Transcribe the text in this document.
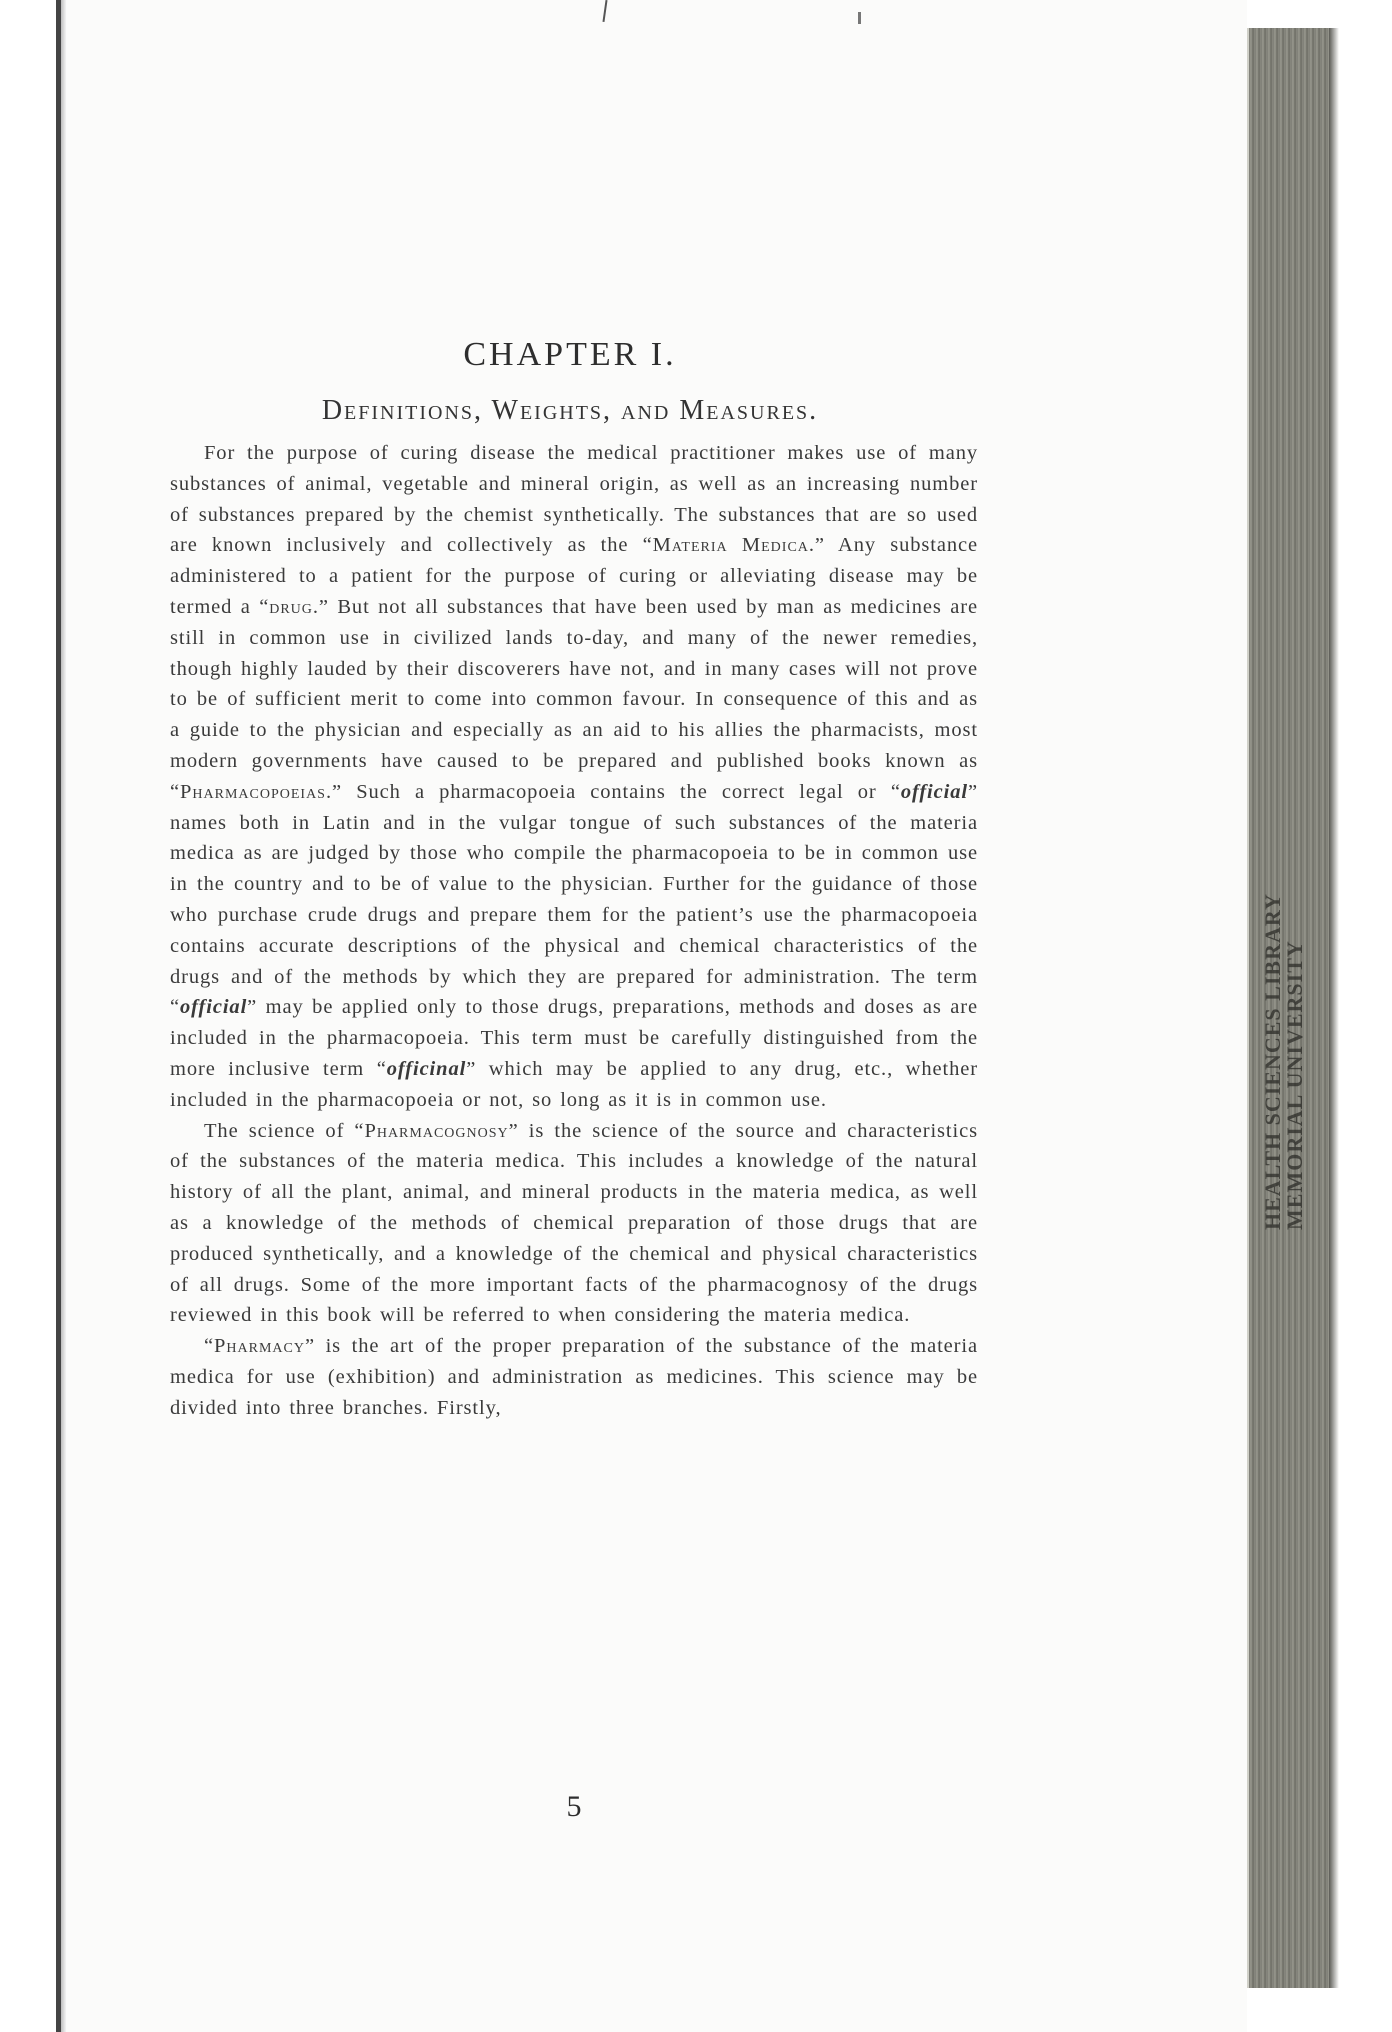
CHAPTER I.
Definitions, Weights, and Measures.

For the purpose of curing disease the medical practitioner makes use of many substances of animal, vegetable and mineral origin, as well as an increasing number of substances prepared by the chemist synthetically. The substances that are so used are known inclusively and collectively as the “Materia Medica.” Any substance administered to a patient for the purpose of curing or alleviating disease may be termed a “drug.” But not all substances that have been used by man as medicines are still in common use in civilized lands to-day, and many of the newer remedies, though highly lauded by their discoverers have not, and in many cases will not prove to be of sufficient merit to come into common favour. In consequence of this and as a guide to the physician and especially as an aid to his allies the pharmacists, most modern governments have caused to be prepared and published books known as “Pharmacopoeias.” Such a pharmacopoeia contains the correct legal or “official” names both in Latin and in the vulgar tongue of such substances of the materia medica as are judged by those who compile the pharmacopoeia to be in common use in the country and to be of value to the physician. Further for the guidance of those who purchase crude drugs and prepare them for the patient’s use the pharmacopoeia contains accurate descriptions of the physical and chemical characteristics of the drugs and of the methods by which they are prepared for administration. The term “official” may be applied only to those drugs, preparations, methods and doses as are included in the pharmacopoeia. This term must be carefully distinguished from the more inclusive term “officinal” which may be applied to any drug, etc., whether included in the pharmacopoeia or not, so long as it is in common use.

The science of “Pharmacognosy” is the science of the source and characteristics of the substances of the materia medica. This includes a knowledge of the natural history of all the plant, animal, and mineral products in the materia medica, as well as a knowledge of the methods of chemical preparation of those drugs that are produced synthetically, and a knowledge of the chemical and physical characteristics of all drugs. Some of the more important facts of the pharmacognosy of the drugs reviewed in this book will be referred to when considering the materia medica.

“Pharmacy” is the art of the proper preparation of the substance of the materia medica for use (exhibition) and administration as medicines. This science may be divided into three branches. Firstly,

5
HEALTH SCIENCES LIBRARY
MEMORIAL UNIVERSITY
